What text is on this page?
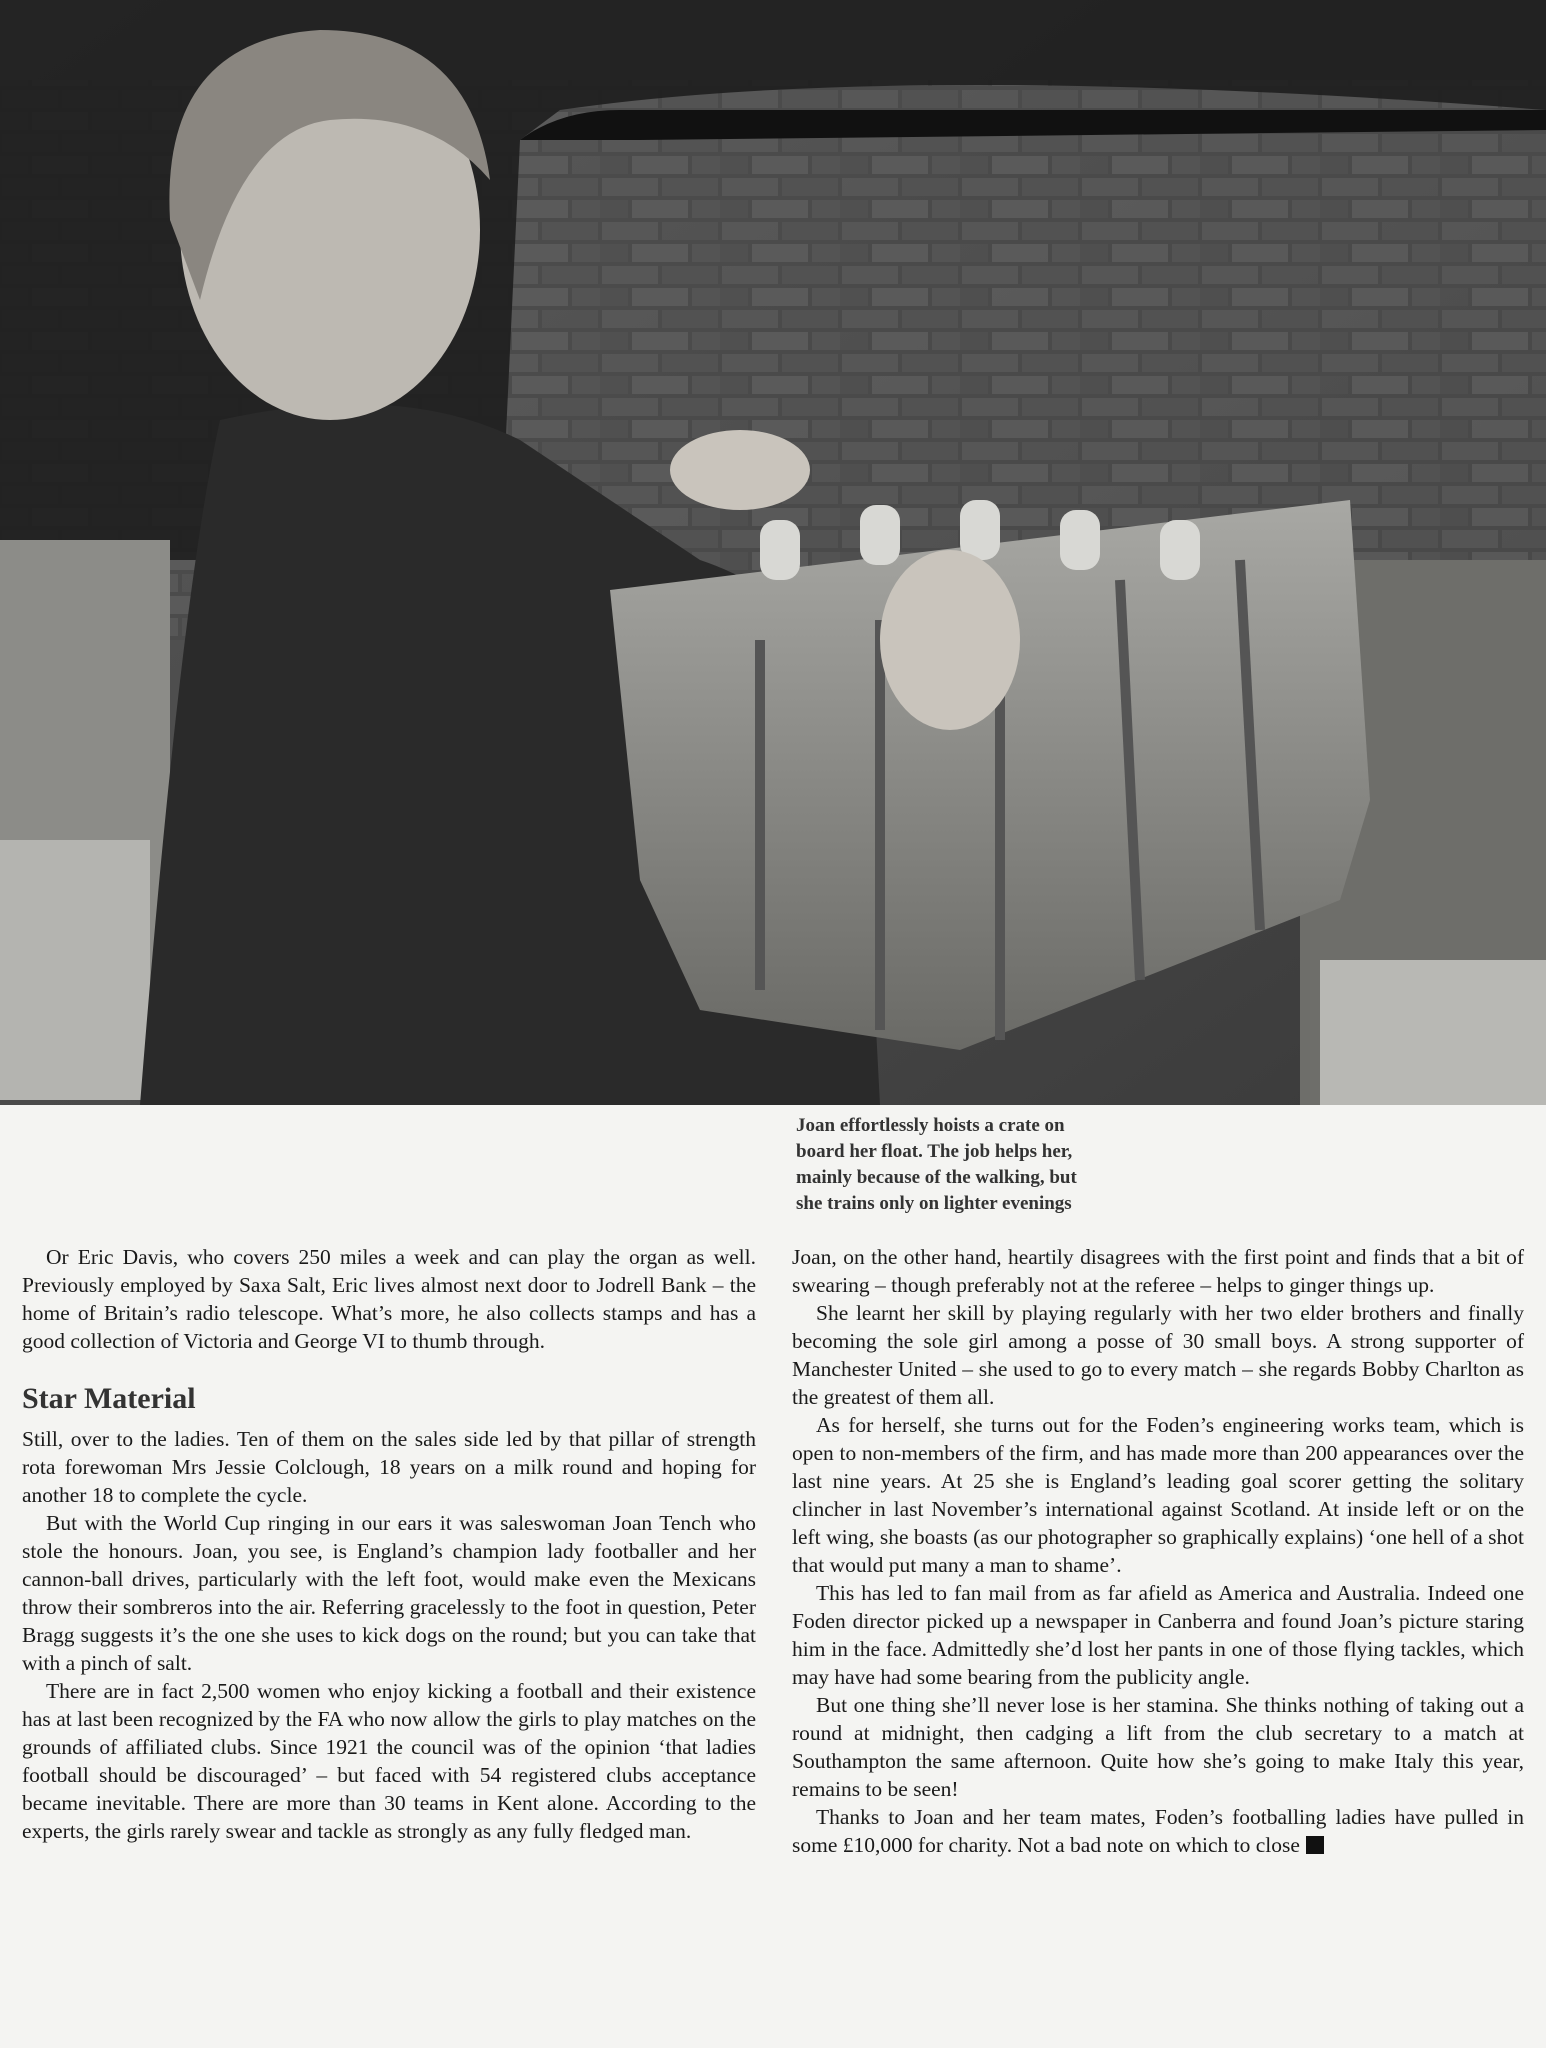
Joan effortlessly hoists a crate on
board her float. The job helps her,
mainly because of the walking, but
she trains only on lighter evenings

Or Eric Davis, who covers 250 miles a week and can play the organ as well. Previously employed by Saxa Salt, Eric lives almost next door to Jodrell Bank – the home of Britain’s radio telescope. What’s more, he also collects stamps and has a good collection of Victoria and George VI to thumb through.

Star Material

Still, over to the ladies. Ten of them on the sales side led by that pillar of strength rota forewoman Mrs Jessie Colclough, 18 years on a milk round and hoping for another 18 to complete the cycle.

But with the World Cup ringing in our ears it was saleswoman Joan Tench who stole the honours. Joan, you see, is England’s champion lady footballer and her cannon-ball drives, particularly with the left foot, would make even the Mexicans throw their sombreros into the air. Referring gracelessly to the foot in question, Peter Bragg suggests it’s the one she uses to kick dogs on the round; but you can take that with a pinch of salt.

There are in fact 2,500 women who enjoy kicking a football and their existence has at last been recognized by the FA who now allow the girls to play matches on the grounds of affiliated clubs. Since 1921 the council was of the opinion ‘that ladies football should be discouraged’ – but faced with 54 registered clubs acceptance became inevitable. There are more than 30 teams in Kent alone. According to the experts, the girls rarely swear and tackle as strongly as any fully fledged man.

Joan, on the other hand, heartily disagrees with the first point and finds that a bit of swearing – though preferably not at the referee – helps to ginger things up.

She learnt her skill by playing regularly with her two elder brothers and finally becoming the sole girl among a posse of 30 small boys. A strong supporter of Manchester United – she used to go to every match – she regards Bobby Charlton as the greatest of them all.

As for herself, she turns out for the Foden’s engineering works team, which is open to non-members of the firm, and has made more than 200 appearances over the last nine years. At 25 she is England’s leading goal scorer getting the solitary clincher in last November’s international against Scotland. At inside left or on the left wing, she boasts (as our photographer so graphically explains) ‘one hell of a shot that would put many a man to shame’.

This has led to fan mail from as far afield as America and Australia. Indeed one Foden director picked up a newspaper in Canberra and found Joan’s picture staring him in the face. Admittedly she’d lost her pants in one of those flying tackles, which may have had some bearing from the publicity angle.

But one thing she’ll never lose is her stamina. She thinks nothing of taking out a round at midnight, then cadging a lift from the club secretary to a match at Southampton the same afternoon. Quite how she’s going to make Italy this year, remains to be seen!

Thanks to Joan and her team mates, Foden’s footballing ladies have pulled in some £10,000 for charity. Not a bad note on which to close
